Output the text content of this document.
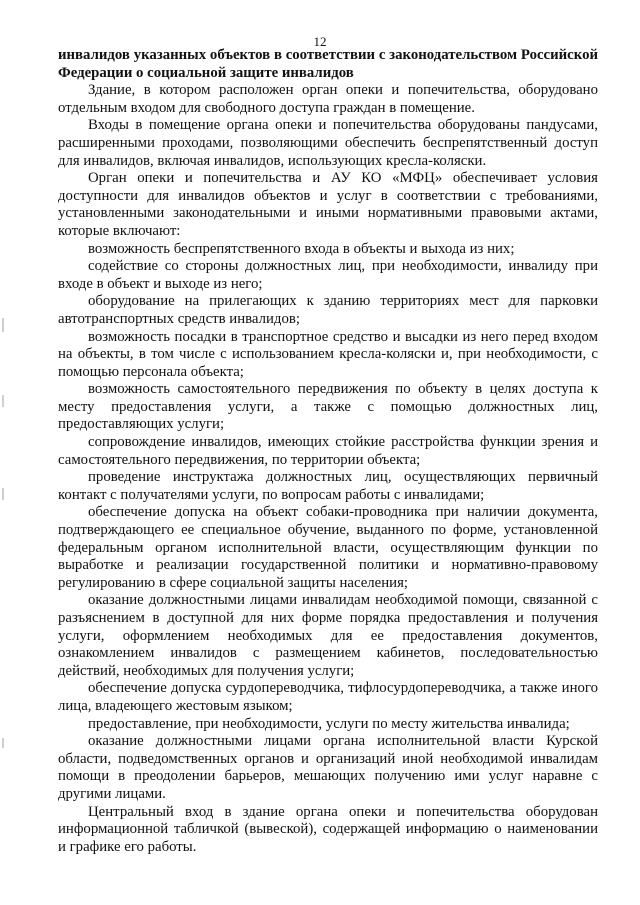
12

инвалидов указанных объектов в соответствии с законодательством Российской Федерации о социальной защите инвалидов

Здание, в котором расположен орган опеки и попечительства, оборудовано отдельным входом для свободного доступа граждан в помещение.

Входы в помещение органа опеки и попечительства оборудованы пандусами, расширенными проходами, позволяющими обеспечить беспрепятственный доступ для инвалидов, включая инвалидов, использующих кресла-коляски.

Орган опеки и попечительства и АУ КО «МФЦ» обеспечивает условия доступности для инвалидов объектов и услуг в соответствии с требованиями, установленными законодательными и иными нормативными правовыми актами, которые включают:

возможность беспрепятственного входа в объекты и выхода из них;

содействие со стороны должностных лиц, при необходимости, инвалиду при входе в объект и выходе из него;

оборудование на прилегающих к зданию территориях мест для парковки автотранспортных средств инвалидов;

возможность посадки в транспортное средство и высадки из него перед входом на объекты, в том числе с использованием кресла-коляски и, при необходимости, с помощью персонала объекта;

возможность самостоятельного передвижения по объекту в целях доступа к месту предоставления услуги, а также с помощью должностных лиц, предоставляющих услуги;

сопровождение инвалидов, имеющих стойкие расстройства функции зрения и самостоятельного передвижения, по территории объекта;

проведение инструктажа должностных лиц, осуществляющих первичный контакт с получателями услуги, по вопросам работы с инвалидами;

обеспечение допуска на объект собаки-проводника при наличии документа, подтверждающего ее специальное обучение, выданного по форме, установленной федеральным органом исполнительной власти, осуществляющим функции по выработке и реализации государственной политики и нормативно-правовому регулированию в сфере социальной защиты населения;

оказание должностными лицами инвалидам необходимой помощи, связанной с разъяснением в доступной для них форме порядка предоставления и получения услуги, оформлением необходимых для ее предоставления документов, ознакомлением инвалидов с размещением кабинетов, последовательностью действий, необходимых для получения услуги;

обеспечение допуска сурдопереводчика, тифлосурдопереводчика, а также иного лица, владеющего жестовым языком;

предоставление, при необходимости, услуги по месту жительства инвалида;

оказание должностными лицами органа исполнительной власти Курской области, подведомственных органов и организаций иной необходимой инвалидам помощи в преодолении барьеров, мешающих получению ими услуг наравне с другими лицами.

Центральный вход в здание органа опеки и попечительства оборудован информационной табличкой (вывеской), содержащей информацию о наименовании и графике его работы.
